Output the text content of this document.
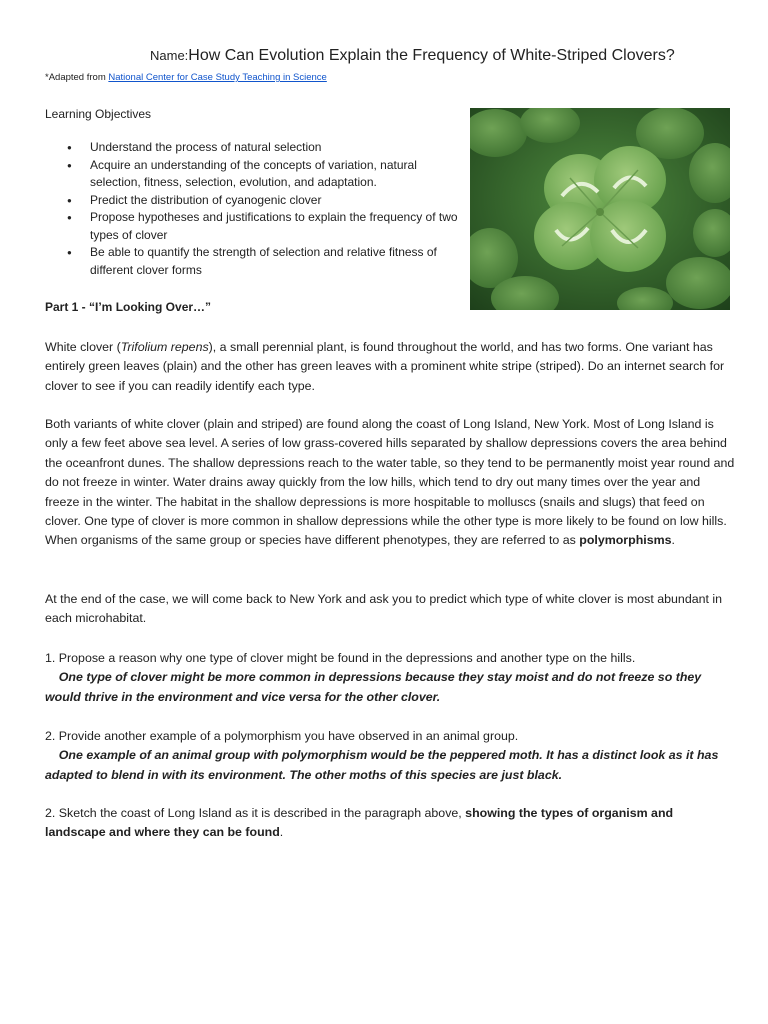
Name:How Can Evolution Explain the Frequency of White-Striped Clovers?
*Adapted from National Center for Case Study Teaching in Science
Learning Objectives
● Understand the process of natural selection
● Acquire an understanding of the concepts of variation, natural selection, fitness, selection, evolution, and adaptation.
● Predict the distribution of cyanogenic clover
● Propose hypotheses and justifications to explain the frequency of two types of clover
● Be able to quantify the strength of selection and relative fitness of different clover forms
Part 1 - “I’m Looking Over…”

White clover (Trifolium repens), a small perennial plant, is found throughout the world, and has two forms. One variant has entirely green leaves (plain) and the other has green leaves with a prominent white stripe (striped). Do an internet search for clover to see if you can readily identify each type.

Both variants of white clover (plain and striped) are found along the coast of Long Island, New York. Most of Long Island is only a few feet above sea level. A series of low grass-covered hills separated by shallow depressions covers the area behind the oceanfront dunes. The shallow depressions reach to the water table, so they tend to be permanently moist year round and do not freeze in winter. Water drains away quickly from the low hills, which tend to dry out many times over the year and freeze in the winter. The habitat in the shallow depressions is more hospitable to molluscs (snails and slugs) that feed on clover. One type of clover is more common in shallow depressions while the other type is more likely to be found on low hills. When organisms of the same group or species have different phenotypes, they are referred to as polymorphisms.

At the end of the case, we will come back to New York and ask you to predict which type of white clover is most abundant in each microhabitat.

1. Propose a reason why one type of clover might be found in the depressions and another type on the hills.
One type of clover might be more common in depressions because they stay moist and do not freeze so they would thrive in the environment and vice versa for the other clover.

2. Provide another example of a polymorphism you have observed in an animal group.
One example of an animal group with polymorphism would be the peppered moth. It has a distinct look as it has adapted to blend in with its environment. The other moths of this species are just black.

2. Sketch the coast of Long Island as it is described in the paragraph above, showing the types of organism and landscape and where they can be found.
